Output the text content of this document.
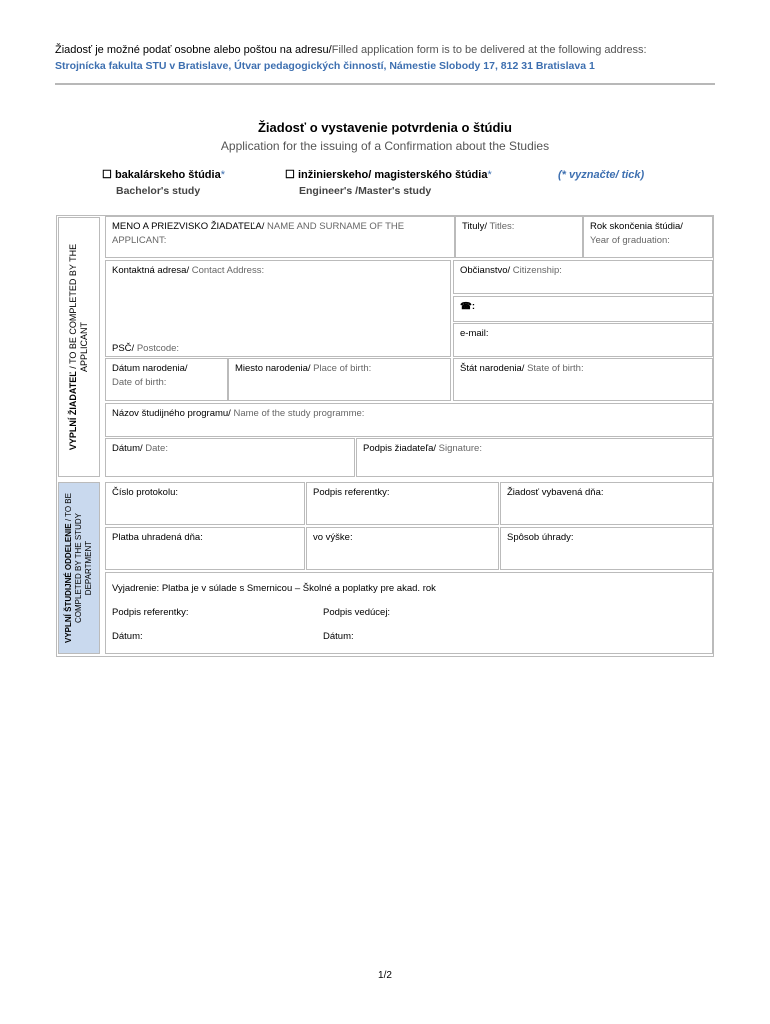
Žiadosť je možné podať osobne alebo poštou na adresu/Filled application form is to be delivered at the following address:
Strojnícka fakulta STU v Bratislave, Útvar pedagogických činností, Námestie Slobody 17, 812 31 Bratislava 1
Žiadosť o vystavenie potvrdenia o štúdiu
Application for the issuing of a Confirmation about the Studies
☐ bakalárskeho štúdia*
Bachelor's study
☐ inžinierskeho/ magisterského štúdia*
Engineer's /Master's study
(* vyznačte/ tick)
VYPLNÍ ŽIADATEĽ / TO BE COMPLETED BY THE APPLICANT
VYPLNÍ ŠTUDIJNÉ ODDELENIE / TO BE
COMPLETED BY THE STUDY DEPARTMENT
MENO A PRIEZVISKO ŽIADATEĽA/ NAME AND SURNAME OF THE APPLICANT:
Tituly/ Titles:	Rok skončenia štúdia/
Year of graduation:
Kontaktná adresa/ Contact Address:
PSČ/ Postcode:
Občianstvo/ Citizenship:
☎:
e-mail:
Dátum narodenia/
Date of birth:
Miesto narodenia/ Place of birth:	Štát narodenia/ State of birth:
Názov študijného programu/ Name of the study programme:
Dátum/ Date:	Podpis žiadateľa/ Signature:
Číslo protokolu:	Podpis referentky:	Žiadosť vybavená dňa:
Platba uhradená dňa:	vo výške:	Spôsob úhrady:
Vyjadrenie: Platba je v súlade s Smernicou – Školné a poplatky pre akad. rok
Podpis referentky:	Podpis vedúcej:
Dátum:	Dátum:
1/2
